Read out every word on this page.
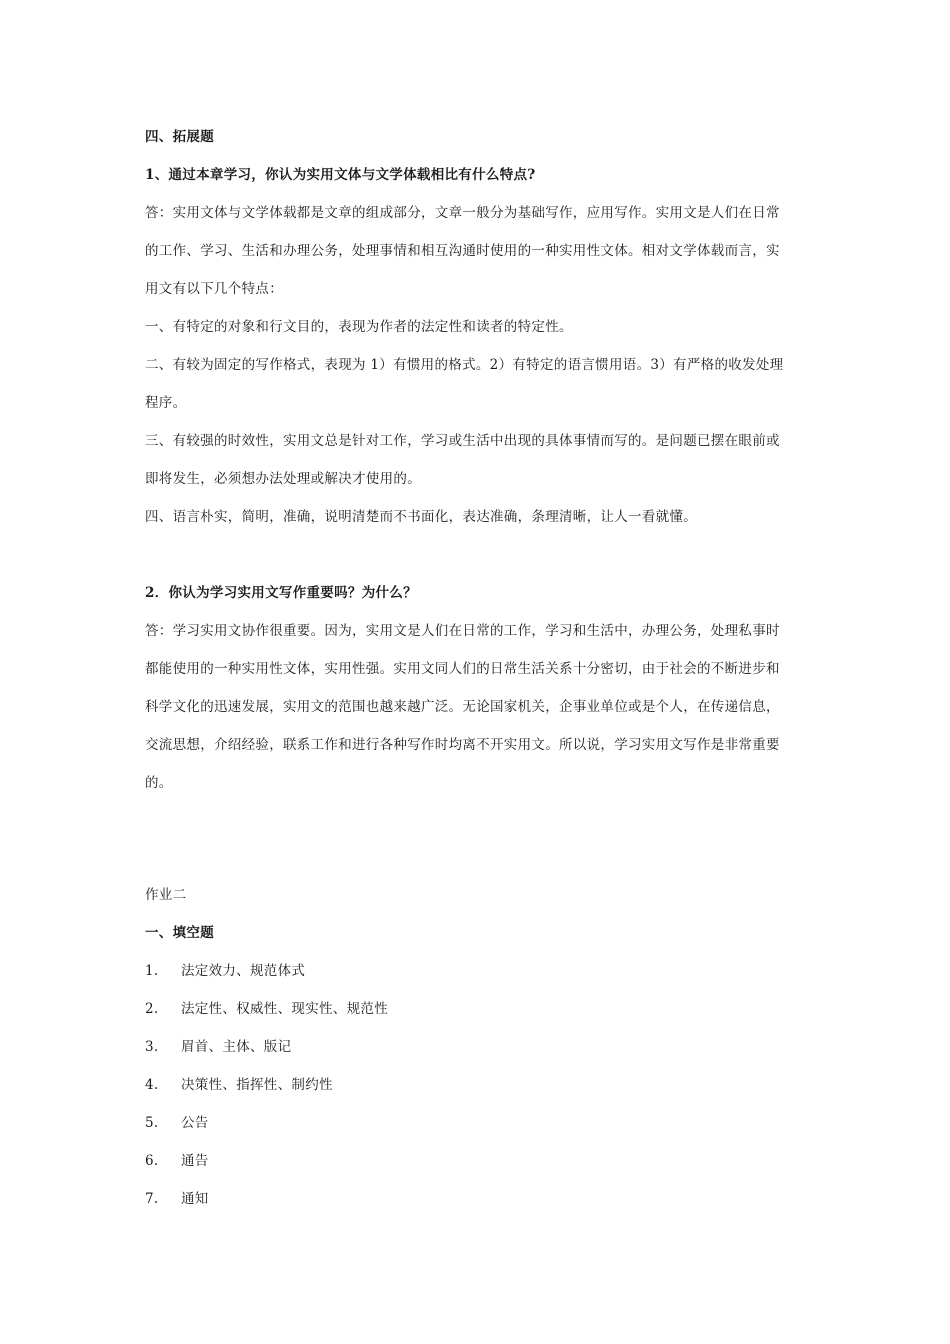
四、拓展题

1、通过本章学习，你认为实用文体与文学体载相比有什么特点?

答：实用文体与文学体载都是文章的组成部分，文章一般分为基础写作，应用写作。实用文是人们在日常

的工作、学习、生活和办理公务，处理事情和相互沟通时使用的一种实用性文体。相对文学体载而言，实

用文有以下几个特点：

一、有特定的对象和行文目的，表现为作者的法定性和读者的特定性。

二、有较为固定的写作格式，表现为 1）有惯用的格式。2）有特定的语言惯用语。3）有严格的收发处理

程序。

三、有较强的时效性，实用文总是针对工作，学习或生活中出现的具体事情而写的。是问题已摆在眼前或

即将发生，必须想办法处理或解决才使用的。

四、语言朴实，简明，准确，说明清楚而不书面化，表达准确，条理清晰，让人一看就懂。

2．你认为学习实用文写作重要吗？为什么？

答：学习实用文协作很重要。因为，实用文是人们在日常的工作，学习和生活中，办理公务，处理私事时

都能使用的一种实用性文体，实用性强。实用文同人们的日常生活关系十分密切，由于社会的不断进步和

科学文化的迅速发展，实用文的范围也越来越广泛。无论国家机关，企事业单位或是个人，在传递信息，

交流思想，介绍经验，联系工作和进行各种写作时均离不开实用文。所以说，学习实用文写作是非常重要

的。

作业二

一、填空题

1. 法定效力、规范体式

2. 法定性、权威性、现实性、规范性

3. 眉首、主体、版记

4. 决策性、指挥性、制约性

5. 公告

6. 通告

7. 通知
